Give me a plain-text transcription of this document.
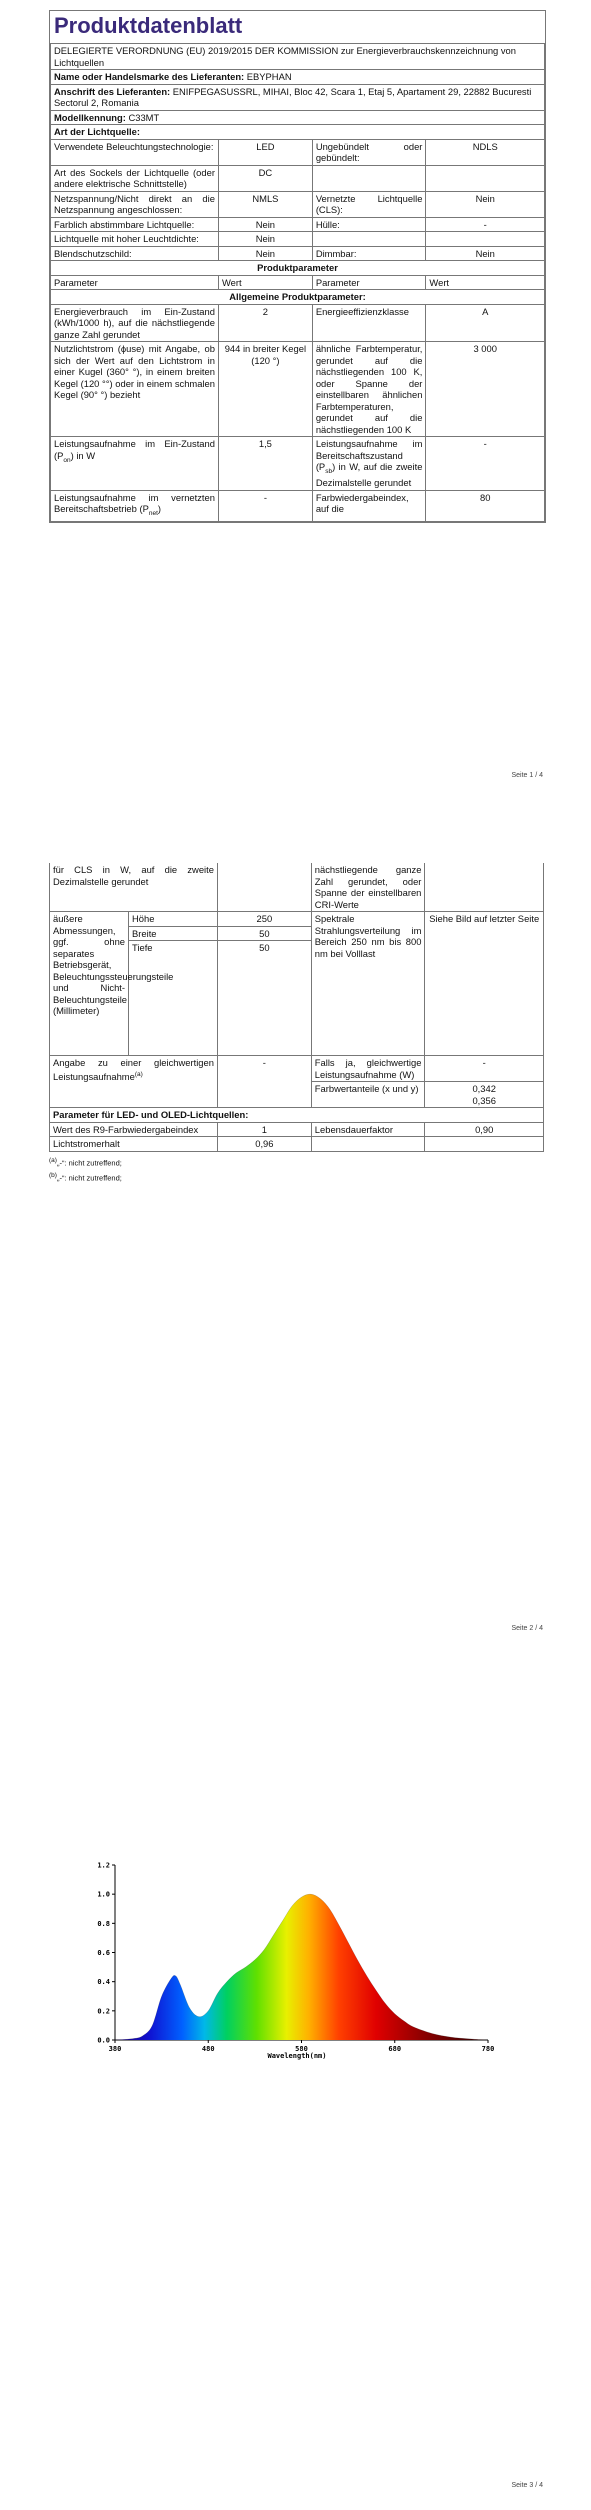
Produktdatenblatt
DELEGIERTE VERORDNUNG (EU) 2019/2015 DER KOMMISSION zur Energieverbrauchskennzeichnung von Lichtquellen			
Name oder Handelsmarke des Lieferanten: EBYPHAN			
Anschrift des Lieferanten: ENIFPEGASUSSRL, MIHAI, Bloc 42, Scara 1, Etaj 5, Apartament 29, 22882 Bucuresti Sectorul 2, Romania			
Modellkennung: C33MT			
Art der Lichtquelle:			
Verwendete Beleuchtungstechnologie:	LED	Ungebündelt oder gebündelt:	NDLS
Art des Sockels der Lichtquelle (oder andere elektrische Schnittstelle)	DC		
Netzspannung/Nicht direkt an die Netzspannung angeschlossen:	NMLS	Vernetzte Lichtquelle (CLS):	Nein
Farblich abstimmbare Lichtquelle:	Nein	Hülle:	-
Lichtquelle mit hoher Leuchtdichte:	Nein		
Blendschutzschild:	Nein	Dimmbar:	Nein
Produktparameter			
Parameter	Wert	Parameter	Wert
Allgemeine Produktparameter:			
Energieverbrauch im Ein-Zustand (kWh/1000 h), auf die nächstliegende ganze Zahl gerundet	2	Energieeffizienzklasse	A
Nutzlichtstrom (ϕuse) mit Angabe, ob sich der Wert auf den Lichtstrom in einer Kugel (360° °), in einem breiten Kegel (120 °°) oder in einem schmalen Kegel (90° °) bezieht	944 in breiter Kegel (120 °)	ähnliche Farbtemperatur, gerundet auf die nächstliegenden 100 K, oder Spanne der einstellbaren ähnlichen Farbtemperaturen, gerundet auf die nächstliegenden 100 K	3 000
Leistungsaufnahme im Ein-Zustand $(P_{on})$ in W	1,5	Leistungsaufnahme im Bereitschaftszustand $(P_{sb})$ in W, auf die zweite Dezimalstelle gerundet	-
Leistungsaufnahme im vernetzten Bereitschaftsbetrieb $(P_{net})$	-	Farbwiedergabeindex, auf die	80
Seite 1 / 4
für CLS in W, auf die zweite Dezimalstelle gerundet			nächstliegende ganze Zahl gerundet, oder Spanne der einstellbaren CRI-Werte	
äußere Abmessungen, ggf. ohne separates Betriebsgerät, Beleuchtungssteuerungsteile und Nicht-Beleuchtungsteile (Millimeter)	Höhe	250	Spektrale Strahlungsverteilung im Bereich 250 nm bis 800 nm bei Volllast	Siehe Bild auf letzter Seite
	Breite	50		
	Tiefe	50		
Angabe zu einer gleichwertigen Leistungsaufnahme$^{(a)}$		-	Falls ja, gleichwertige Leistungsaufnahme (W)	-
			Farbwertanteile (x und y)	0,342
0,356

Parameter für LED- und OLED-Lichtquellen:				
Wert des R9-Farbwiedergabeindex		1	Lebensdauerfaktor	0,90
Lichtstromerhalt		0,96		
(a)„-“: nicht zutreffend;
(b)„-“: nicht zutreffend;
Seite 2 / 4
380	480	580	680	780
0.0
0.2
0.4
0.6
0.8
1.0
1.2
Wavelength(nm)
Seite 3 / 4
